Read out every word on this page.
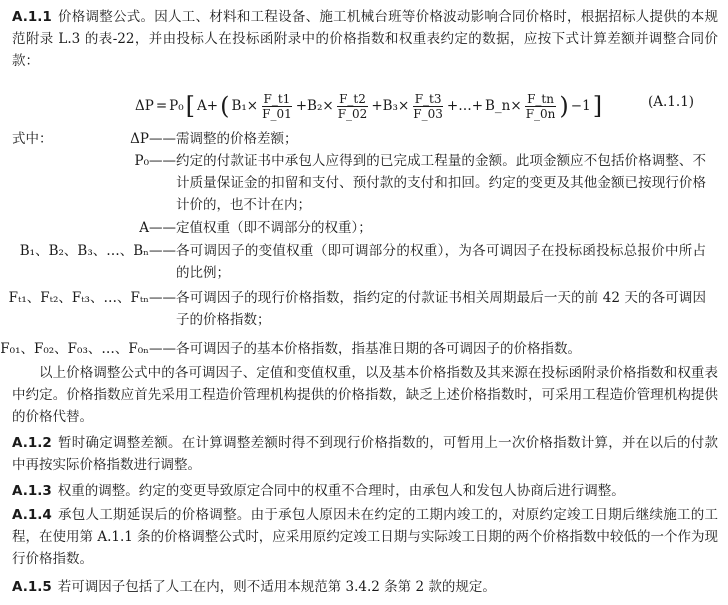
A.1.1 价格调整公式。因人工、材料和工程设备、施工机械台班等价格波动影响合同价格时，根据招标人提供的本规范附录 L.3 的表-22，并由投标人在投标函附录中的价格指数和权重表约定的数据，应按下式计算差额并调整合同价款：
ΔP = P₀ [ A+ ( $B_1\times \frac{F\_t1}{F\_01} +B_2\times \frac{F\_t2}{F\_02} +B_3\times \frac{F\_t3}{F\_03}$ +…+ B_n× $\frac{F\_tn}{F\_0n}$ ) −1 ]	(A.1.1)
式中：	ΔP—— 需调整的价格差额；
P₀—— 约定的付款证书中承包人应得到的已完成工程量的金额。此项金额应不包括价格调整、不计质量保证金的扣留和支付、预付款的支付和扣回。约定的变更及其他金额已按现行价格计价的，也不计在内；
A—— 定值权重（即不调部分的权重）；
B₁、B₂、B₃、…、Bₙ—— 各可调因子的变值权重（即可调部分的权重），为各可调因子在投标函投标总报价中所占的比例；
Fₜ₁、Fₜ₂、Fₜ₃、…、Fₜₙ—— 各可调因子的现行价格指数，指约定的付款证书相关周期最后一天的前 42 天的各可调因子的价格指数；
F₀₁、F₀₂、F₀₃、…、F₀ₙ—— 各可调因子的基本价格指数，指基准日期的各可调因子的价格指数。
以上价格调整公式中的各可调因子、定值和变值权重，以及基本价格指数及其来源在投标函附录价格指数和权重表中约定。价格指数应首先采用工程造价管理机构提供的价格指数，缺乏上述价格指数时，可采用工程造价管理机构提供的价格代替。
A.1.2 暂时确定调整差额。在计算调整差额时得不到现行价格指数的，可暂用上一次价格指数计算，并在以后的付款中再按实际价格指数进行调整。
A.1.3 权重的调整。约定的变更导致原定合同中的权重不合理时，由承包人和发包人协商后进行调整。
A.1.4 承包人工期延误后的价格调整。由于承包人原因未在约定的工期内竣工的，对原约定竣工日期后继续施工的工程，在使用第 A.1.1 条的价格调整公式时，应采用原约定竣工日期与实际竣工日期的两个价格指数中较低的一个作为现行价格指数。
A.1.5 若可调因子包括了人工在内，则不适用本规范第 3.4.2 条第 2 款的规定。
